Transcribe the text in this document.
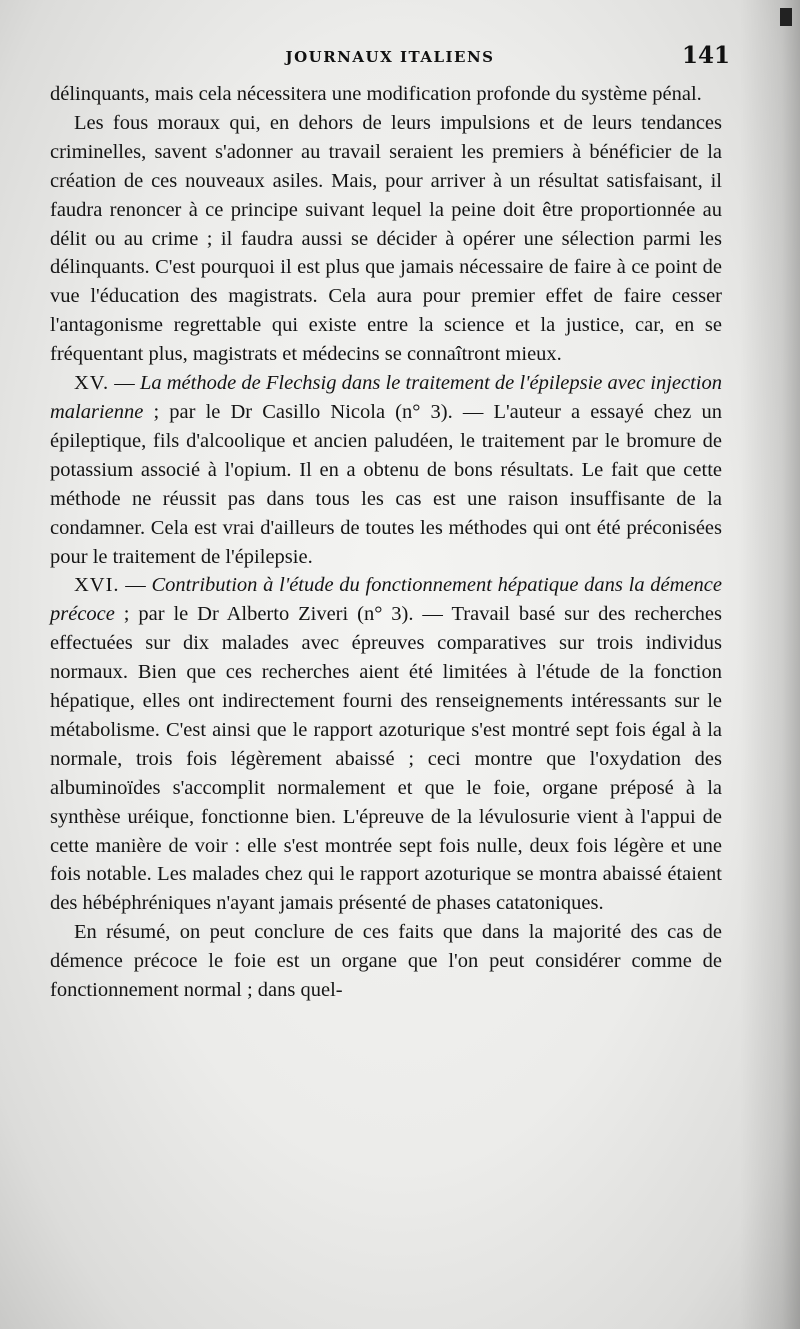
JOURNAUX ITALIENS	141

délinquants, mais cela nécessitera une modification profonde du système pénal.

Les fous moraux qui, en dehors de leurs impulsions et de leurs tendances criminelles, savent s'adonner au travail seraient les premiers à bénéficier de la création de ces nouveaux asiles. Mais, pour arriver à un résultat satisfaisant, il faudra renoncer à ce principe suivant lequel la peine doit être proportionnée au délit ou au crime ; il faudra aussi se décider à opérer une sélection parmi les délinquants. C'est pourquoi il est plus que jamais nécessaire de faire à ce point de vue l'éducation des magistrats. Cela aura pour premier effet de faire cesser l'antagonisme regrettable qui existe entre la science et la justice, car, en se fréquentant plus, magistrats et médecins se connaîtront mieux.

XV. — La méthode de Flechsig dans le traitement de l'épilepsie avec injection malarienne ; par le Dr Casillo Nicola (n° 3). — L'auteur a essayé chez un épileptique, fils d'alcoolique et ancien paludéen, le traitement par le bromure de potassium associé à l'opium. Il en a obtenu de bons résultats. Le fait que cette méthode ne réussit pas dans tous les cas est une raison insuffisante de la condamner. Cela est vrai d'ailleurs de toutes les méthodes qui ont été préconisées pour le traitement de l'épilepsie.

XVI. — Contribution à l'étude du fonctionnement hépatique dans la démence précoce ; par le Dr Alberto Ziveri (n° 3). — Travail basé sur des recherches effectuées sur dix malades avec épreuves comparatives sur trois individus normaux. Bien que ces recherches aient été limitées à l'étude de la fonction hépatique, elles ont indirectement fourni des renseignements intéressants sur le métabolisme. C'est ainsi que le rapport azoturique s'est montré sept fois égal à la normale, trois fois légèrement abaissé ; ceci montre que l'oxydation des albuminoïdes s'accomplit normalement et que le foie, organe préposé à la synthèse uréique, fonctionne bien. L'épreuve de la lévulosurie vient à l'appui de cette manière de voir : elle s'est montrée sept fois nulle, deux fois légère et une fois notable. Les malades chez qui le rapport azoturique se montra abaissé étaient des hébéphréniques n'ayant jamais présenté de phases catatoniques.

En résumé, on peut conclure de ces faits que dans la majorité des cas de démence précoce le foie est un organe que l'on peut considérer comme de fonctionnement normal ; dans quel-
